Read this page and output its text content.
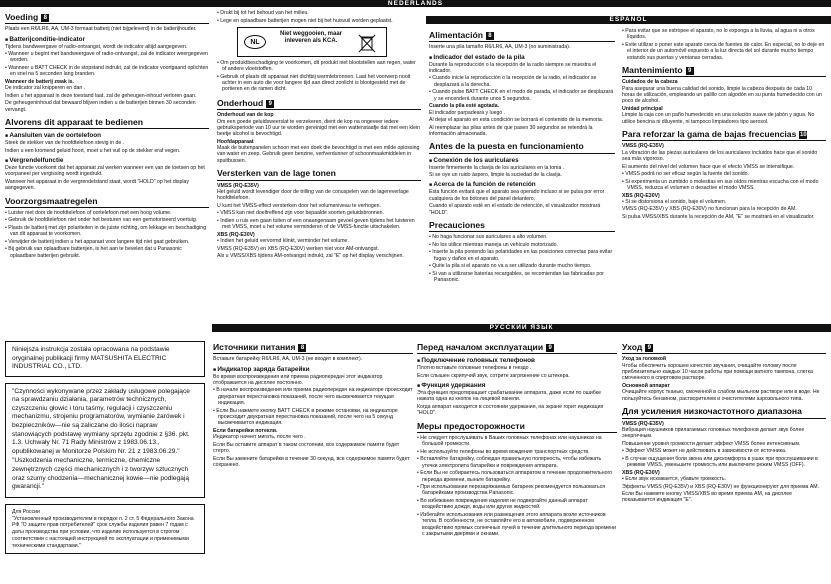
NEDERLANDS
Voeding 8
Plaats een R6/LR6, AA, UM-3 formaat batterij (niet bijgeleverd) in de batterijhouder.
■ Batterijconditie-indicator
Tijdens bandweergave of radio-ontvangst, wordt de indicator altijd aangegeven.
• Wanneer u begint met bandweergave of radio-ontvangst, zal de indicator weergegeven worden.
• Wanneer u BATT CHECK in de stopstand indrukt, zal de indicator voortgaand oplichten en snel na 5 seconden lang branden.
Wanneer de batterij zwak is.
De indicator zal knipperen en dan .
Indien u het apparaat in deze toestand laat, zal de geheugen-inhoud verloren gaan.
De geheugeninhoud dat bewaard blijven indien u de batterijen binnen 30 seconden vervangt.
Alvorens dit apparaat te bedienen
■ Aansluiten van de oortelefoon
Steek de stekker van de hoofdtelefoon stevig in de .
Indien u een kromend geluid hoort, moet u het vuil op de stekker eraf vegen.
■ Vergrendelfunctie
Deze functie voorkomt dat het apparaat zal werken wanneer een van de toetsen op het voorpaneel per vergissing wordt ingedrukt.
Wanneer het apparaat in de vergrendelstand staat, wordt "HOLD" op het display aangegeven.
Voorzorgsmaatregelen
• Luister niet door de hoofdtelefoon of oortelefoon met een hoog volume.
• Gebruik de hoofdtelefoon niet onder het besturen van een gemotoriseerd voertuig.
• Plaats de batterij met zijn polariteiten in de juiste richting, om lekkage en beschadiging van dit apparaat te voorkomen.
• Verwijder de batterij indien u het apparaat voor langere tijd niet gaat gebruiken.
• Bij gebruik van oplaadbare batterijen, is het aan te bevelen dat u Panasonic oplaadbare batterijen gebruikt.
• Drukt bij tot het behoud van het milieu.
• Lege en oplaadbare batterijen mogen niet bij het huisvuil worden geplaatst.
NL
Niet weggooien, maar inleveren als KCA.
• Om produktbeschadiging te voorkomen, dit produkt niet blootstellen aan regen, water of andere vloeistoffen.
• Gebruik of plaats dit apparaat niet dichtbij warmtebronnen. Laat het voorwerp nooit achter in een auto die voor langere tijd aan direct zonlicht is blootgesteld met de portieren en de ramen dicht.
Onderhoud 9
Onderhoud van de kop
Om een goede geluidsweerslat te verzekeren, dient de kop na ongeveer iedere gebruiksperiode van 10 uur te worden gereinigd met een wattenstaafje dat met een klein beetje alcohol is bevochtigd.
Hoofdapparaat
Maak de buitenpanelen schoon met een doek die bevochtigd is met een milde oplossing van water en zeep. Gebruik geen benzine, verfverdunner of schoonmaakmiddelen in spuitbussen.
Versterken van de lage tonen
VMSS (RQ-E35V)
Het geluid wordt levendiger door de trilling van de conuspelen van de lagereverlage hoofdtelefoon.
U kunt het VMSS-effect versterken door het volumeniveau te verhogen.
• VMSS kan niet doeltreffend zijn voor bepaalde soorten geluidsbronnen.
• Indien u ruis een gaan tuiten of een onaangenaam gevoel geven tijdens het luisteren met VMSS, moet u het volume verminderen of de VMSS-functie uitschakelen.
XBS (RQ-E30V)
• Indien het geluid vervormd klinkt, verminder het volume.
VMSS (RQ-E35V) en XBS (RQ-E30V) werken niet voor AM-ontvangst.
Als u VMSS/XBS tijdens AM-ontvangst indrukt, zal "E" op het display verschijnen.
ESPAÑOL
Alimentación 8
Inserte una pila tamaño R6/LR6, AA, UM-3 (no suministrada).
■ Indicador del estado de la pila
Durante la reproducción o la recepción de la radio siempre se muestra el indicador.
• Cuando inicie la reproducción o la recepción de la radio, el indicador se desplazará a la derecha.
• Cuando pulse BATT CHECK en el modo de parada, el indicador se desplazará y se encenderá durante unos 5 segundos.
Cuando la pila esté agotada.
El indicador parpadeará y luego .
Al dejar el aparato en esta condición se borrará el contenido de la memoria.
Al reemplazar las pilas antes de que pasen 30 segundos se retendrá la información almacenada.
Antes de la puesta en funcionamiento
■ Conexión de los auriculares
Inserte firmemente la clavija de los auriculares en la toma .
Si se oye un ruido áspero, limpie la suciedad de la clavija.
■ Acerca de la función de retención
Esta función evitará que el aparato sea operado incluso si se pulsa por error cualquiera de los botones del panel delantero.
Cuando el aparato esté en el estado de retención, el visualizador mostrará "HOLD".
Precauciones
• No haga funcionar sus auriculares a alto volumen.
• No los utilice mientras maneja un vehículo motorizado.
• Inserte la pila poniendo las polaridades en las posiciones correctas para evitar fugas y daños en el aparato.
• Quite la pila si el aparato no va a ser utilizado durante mucho tiempo.
• Si van a utilizarse baterías recargables, se recomiendan las fabricadas por Panasonic.
• Para evitar que se estropee el aparato, no lo exponga a la lluvia, al agua ni a otros líquidos.
• Evite utilizar o poner este aparato cerca de fuentes de calor. En especial, no lo deje en el interior de un automóvil expuesto a la luz directa del sol durante mucho tiempo estando sus puertas y ventanas cerradas.
Mantenimiento 9
Cuidados de la cabeza
Para asegurar una buena calidad del sonido, limpie la cabeza después de cada 10 horas de utilización, empleando un palillo con algodón en su punta humedecido con un poco de alcohol.
Unidad principal
Limpie la caja con un paño humedecido en una solución suave de jabón y agua. No utilice bencina ni diluyente, ni tampoco limpiadores tipo aerosol.
Para reforzar la gama de bajas frecuencias 10
VMSS (RQ-E35V)
La vibración de las piezas auriculares de los auriculares incluidos hace que el sonido sea más vigoroso.
El aumento del nivel del volumen hace que el efecto VMSS se intensifique.
• VMSS podrá no ser eficaz según la fuente del sonido.
• Si experimenta un zumbido o molestias en sus oídos mientras escucha con el modo VMSS, reduzca el volumen o desactive el modo VMSS.
XBS (RQ-E30V)
• Si se distorsiona el sonido, baje el volumen.
VMSS (RQ-E35V) y XBS (RQ-E30V) no funcionan para la recepción de AM.
Si pulsa VMSS/XBS durante la recepción de AM, "E" se mostrará en el visualizador.
РУССКИЙ ЯЗЫК
Niniejsza instrukcja została opracowana na podstawie oryginalnej publikacji firmy MATSUSHITA ELECTRIC INDUSTRIAL CO., LTD.
"Czynności wykonywane przez zakłady usługowe polegające na sprawdzaniu działania, parametrów technicznych, czyszczeniu głowic i toru taśmy, regulacji i czyszczeniu mechanizmu, strojeniu programatorów, wymianie żarówek i bezpieczników—nie są zaliczane do ilości napraw stanowiących podstawę wymiany sprzętu zgodnie z §36. pkt. 1.3. Uchwały Nr. 71 Rady Ministrów z 1983.06.13., opublikowanej w Monitorze Polskim Nr. 21 z 1983.06.29."
"Uszkodzenia mechaniczne, termiczne, chemiczne zewnętrznych części mechanicznych i z tworzyw sztucznych oraz szumy chodzenia—mechanicznej kowie—nie podlegają gwarancji."
Для России
"Установленный производителем в порядке п. 2 ст. 5 Федерального Закона РФ "О защите прав потребителей" срок службы изделия равен 7 годам с даты производства при условии, что изделие используется в строгом соответствии с настоящей инструкцией по эксплуатации и применимыми техническими стандартами."
Источники питания 8
Вставьте батарейку R6/LR6, AA, UM-3 (не входит в комплект).
■ Индикатор заряда батарейки
Во время воспроизведения или приема радиопередач этот индикатор отображается на дисплее постоянно.
• В начале воспроизведения или приема радиопередач на индикаторе происходит двукратная перестановка показаний, после чего высвечивается текущая индикация.
• Если Вы нажмете кнопку BATT CHECK в режиме остановки, на индикаторе происходит двукратная перестановка показаний, после чего на 5 секунд высвечивается индикация.
Если батарейки потекли.
Индикатор начнет мигать, после чего .
Если Вы оставите аппарат в таком состоянии, все содержимое памяти будет стерто.
Если Вы замените батарейки в течение 30 секунд, все содержимое памяти будет сохранено.
Перед началом эксплуатации 9
■ Подключение головных телефонов
Плотно вставьте головные телефоны в гнездо .
Если слышен скрипучий звук, сотрите загрязнение со штекера.
■ Функция удержания
Эта функция предотвращает срабатывание аппарата, даже если по ошибке нажата одна из кнопок на лицевой панели.
Когда аппарат находится в состоянии удержания, на экране горит индикация "HOLD".
Меры предосторожности
• Не следует прослушивать в Ваших головных телефонах или наушниках на большой громкости.
• Не используйте телефоны во время вождения транспортных средств.
• Вставляйте батарейку, соблюдая правильную полярность, чтобы избежать утечки электролита батарейки и повреждения аппарата.
• Если Вы не собираетесь пользоваться аппаратом в течение продолжительного периода времени, выньте батарейку.
• При использовании перезаряжаемых батареек рекомендуется пользоваться батарейками производства Panasonic.
• Во избежание повреждения изделия не подвергайте данный аппарат воздействию дождя, воды или других жидкостей.
• Избегайте использования или размещения этого аппарата возле источников тепла. В особенности, не оставляйте его в автомобиле, подверженном воздействию прямых солнечных лучей в течение длительного периода времени с закрытыми дверями и окнами.
Уход 9
Уход за головкой
Чтобы обеспечить хорошее качество звучания, очищайте головку после приблизительно каждых 10 часов работы при помощи ватного тампона, слегка смоченного в спиртовом растворе.
Основной аппарат
Очищайте корпус тканью, смоченной в слабом мыльном растворе или в воде. Не пользуйтесь бензином, растворителем и очистителями аэрозольного типа.
Для усиления низкочастотного диапазона
VMSS (RQ-E35V)
Вибрация наушников прилагаемых головных телефонов делает звук более энергичным.
Повышение уровня громкости делает эффект VMSS более интенсивным.
• Эффект VMSS может не действовать в зависимости от источника.
• В случае ощущения боли звона или дискомфорта в ушах при прослушивании в режиме VMSS, уменьшите громкость или выключите режим VMSS (OFF).
XBS (RQ-E30V)
• Если звук искажается, убавьте громкость.
Эффекты VMSS (RQ-E35V) и XBS (RQ-E30V) не функционируют для приема AM.
Если Вы нажмете кнопку VMSS/XBS во время приема AM, на дисплее показывается индикация "E".
